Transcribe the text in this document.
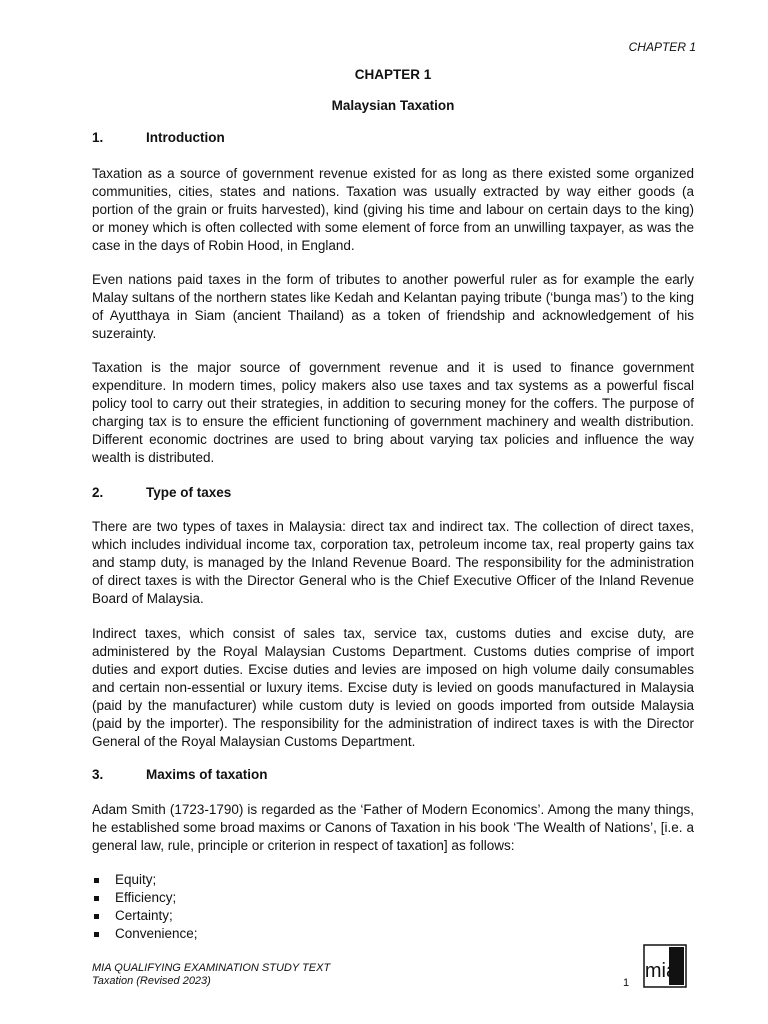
CHAPTER 1
CHAPTER 1
Malaysian Taxation
1.	Introduction

Taxation as a source of government revenue existed for as long as there existed some organized communities, cities, states and nations. Taxation was usually extracted by way either goods (a portion of the grain or fruits harvested), kind (giving his time and labour on certain days to the king) or money which is often collected with some element of force from an unwilling taxpayer, as was the case in the days of Robin Hood, in England.

Even nations paid taxes in the form of tributes to another powerful ruler as for example the early Malay sultans of the northern states like Kedah and Kelantan paying tribute (‘bunga mas’) to the king of Ayutthaya in Siam (ancient Thailand) as a token of friendship and acknowledgement of his suzerainty.

Taxation is the major source of government revenue and it is used to finance government expenditure. In modern times, policy makers also use taxes and tax systems as a powerful fiscal policy tool to carry out their strategies, in addition to securing money for the coffers. The purpose of charging tax is to ensure the efficient functioning of government machinery and wealth distribution. Different economic doctrines are used to bring about varying tax policies and influence the way wealth is distributed.

2.	Type of taxes

There are two types of taxes in Malaysia: direct tax and indirect tax. The collection of direct taxes, which includes individual income tax, corporation tax, petroleum income tax, real property gains tax and stamp duty, is managed by the Inland Revenue Board. The responsibility for the administration of direct taxes is with the Director General who is the Chief Executive Officer of the Inland Revenue Board of Malaysia.

Indirect taxes, which consist of sales tax, service tax, customs duties and excise duty, are administered by the Royal Malaysian Customs Department. Customs duties comprise of import duties and export duties. Excise duties and levies are imposed on high volume daily consumables and certain non-essential or luxury items. Excise duty is levied on goods manufactured in Malaysia (paid by the manufacturer) while custom duty is levied on goods imported from outside Malaysia (paid by the importer). The responsibility for the administration of indirect taxes is with the Director General of the Royal Malaysian Customs Department.

3.	Maxims of taxation

Adam Smith (1723-1790) is regarded as the ‘Father of Modern Economics’. Among the many things, he established some broad maxims or Canons of Taxation in his book ‘The Wealth of Nations’, [i.e. a general law, rule, principle or criterion in respect of taxation] as follows:

Equity;
Efficiency;
Certainty;
Convenience;
MIA QUALIFYING EXAMINATION STUDY TEXT
Taxation (Revised 2023)	1
mia
